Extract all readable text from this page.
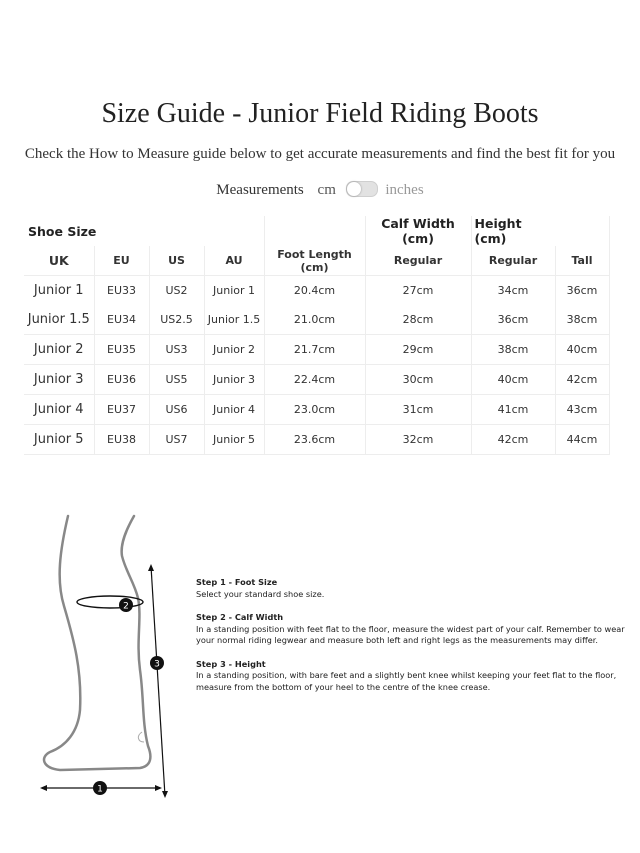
Size Guide - Junior Field Riding Boots
Check the How to Measure guide below to get accurate measurements and find the best fit for you
Measurements cm	inches
Shoe Size					Calf Width (cm)	Height (cm)	
UK	EU	US	AU	Foot Length (cm)	Regular	Regular	Tall
Junior 1	EU33	US2	Junior 1	20.4cm	27cm	34cm	36cm
Junior 1.5	EU34	US2.5	Junior 1.5	21.0cm	28cm	36cm	38cm
Junior 2	EU35	US3	Junior 2	21.7cm	29cm	38cm	40cm
Junior 3	EU36	US5	Junior 3	22.4cm	30cm	40cm	42cm
Junior 4	EU37	US6	Junior 4	23.0cm	31cm	41cm	43cm
Junior 5	EU38	US7	Junior 5	23.6cm	32cm	42cm	44cm
2
3
1
Step 1 - Foot Size
Select your standard shoe size.
Step 2 - Calf Width
In a standing position with feet flat to the floor, measure the widest part of your calf. Remember to wear your normal riding legwear and measure both left and right legs as the measurements may differ.
Step 3 - Height
In a standing position, with bare feet and a slightly bent knee whilst keeping your feet flat to the floor, measure from the bottom of your heel to the centre of the knee crease.
